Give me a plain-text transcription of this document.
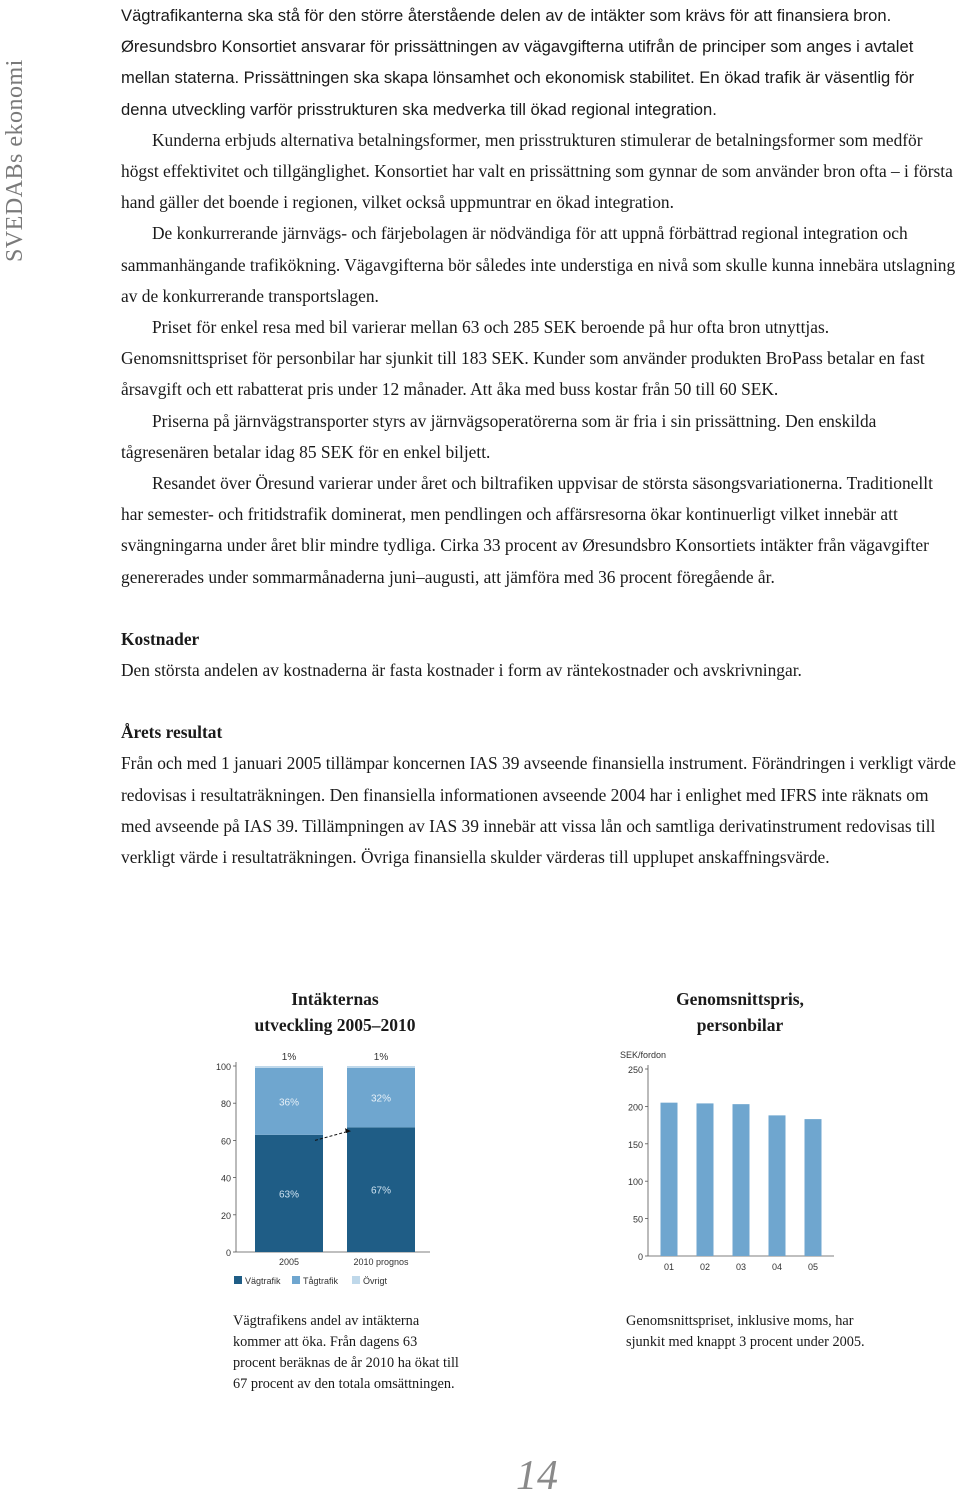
SVEDABs ekonomi

Vägtrafikanterna ska stå för den större återstående delen av de intäkter som krävs för att finansiera bron.

Øresundsbro Konsortiet ansvarar för prissättningen av vägavgifterna utifrån de principer som anges i avtalet mellan staterna. Prissättningen ska skapa lönsamhet och ekonomisk stabilitet. En ökad trafik är väsentlig för denna utveckling varför prisstrukturen ska medverka till ökad regional integration.

Kunderna erbjuds alternativa betalningsformer, men prisstrukturen stimulerar de betalningsformer som medför högst effektivitet och tillgänglighet. Konsortiet har valt en prissättning som gynnar de som använder bron ofta – i första hand gäller det boende i regionen, vilket också uppmuntrar en ökad integration.

De konkurrerande järnvägs- och färjebolagen är nödvändiga för att uppnå förbättrad regional integration och sammanhängande trafikökning. Vägavgifterna bör således inte understiga en nivå som skulle kunna innebära utslagning av de konkurrerande transportslagen.

Priset för enkel resa med bil varierar mellan 63 och 285 SEK beroende på hur ofta bron utnyttjas. Genomsnittspriset för personbilar har sjunkit till 183 SEK. Kunder som använder produkten BroPass betalar en fast årsavgift och ett rabatterat pris under 12 månader. Att åka med buss kostar från 50 till 60 SEK.

Priserna på järnvägstransporter styrs av järnvägsoperatörerna som är fria i sin prissättning. Den enskilda tågresenären betalar idag 85 SEK för en enkel biljett.

Resandet över Öresund varierar under året och biltrafiken uppvisar de största säsongsvariationerna. Traditionellt har semester- och fritidstrafik dominerat, men pendlingen och affärsresorna ökar kontinuerligt vilket innebär att svängningarna under året blir mindre tydliga. Cirka 33 procent av Øresundsbro Konsortiets intäkter från vägavgifter genererades under sommarmånaderna juni–augusti, att jämföra med 36 procent föregående år.

Kostnader

Den största andelen av kostnaderna är fasta kostnader i form av räntekostnader och avskrivningar.

Årets resultat

Från och med 1 januari 2005 tillämpar koncernen IAS 39 avseende finansiella instrument. Förändringen i verkligt värde redovisas i resultaträkningen. Den finansiella informationen avseende 2004 har i enlighet med IFRS inte räknats om med avseende på IAS 39. Tillämpningen av IAS 39 innebär att vissa lån och samtliga derivatinstrument redovisas till verkligt värde i resultaträkningen. Övriga finansiella skulder värderas till upplupet anskaffningsvärde.

Intäkternas
utveckling 2005–2010
0
20
40
60
80
100
63%
36%
1%
2005
67%
32%
1%
2010 prognos
Vägtrafik Tågtrafik	Övrigt
Vägtrafikens andel av intäkterna kommer att öka. Från dagens 63 procent beräknas de år 2010 ha ökat till 67 procent av den totala omsättningen.
Genomsnittspris,
personbilar
SEK/fordon
0
50
100
150
200
250
01	02	03	04	05
Genomsnittspriset, inklusive moms, har sjunkit med knappt 3 procent under 2005.
14
